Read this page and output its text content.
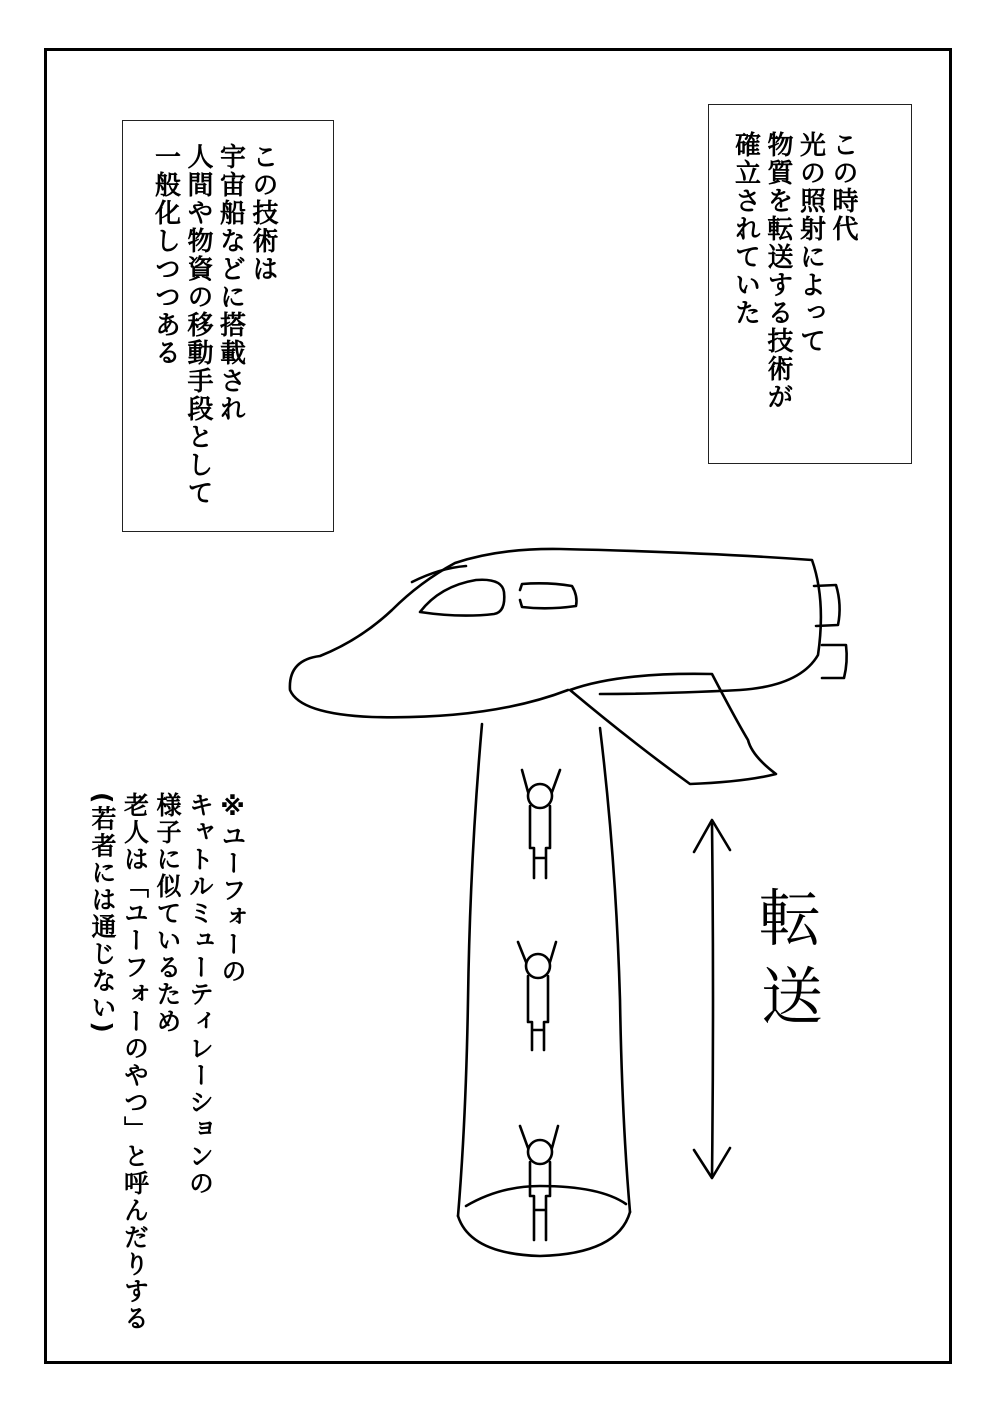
この時代
光の照射によって
物質を転送する技術が
確立されていた
この技術は
宇宙船などに搭載され
人間や物資の移動手段として
一般化しつつある
※ユーフォーの
キャトルミューティレーションの
様子に似ているため
老人は「ユーフォーのやつ」と呼んだりする
(若者には通じない)	転
送
